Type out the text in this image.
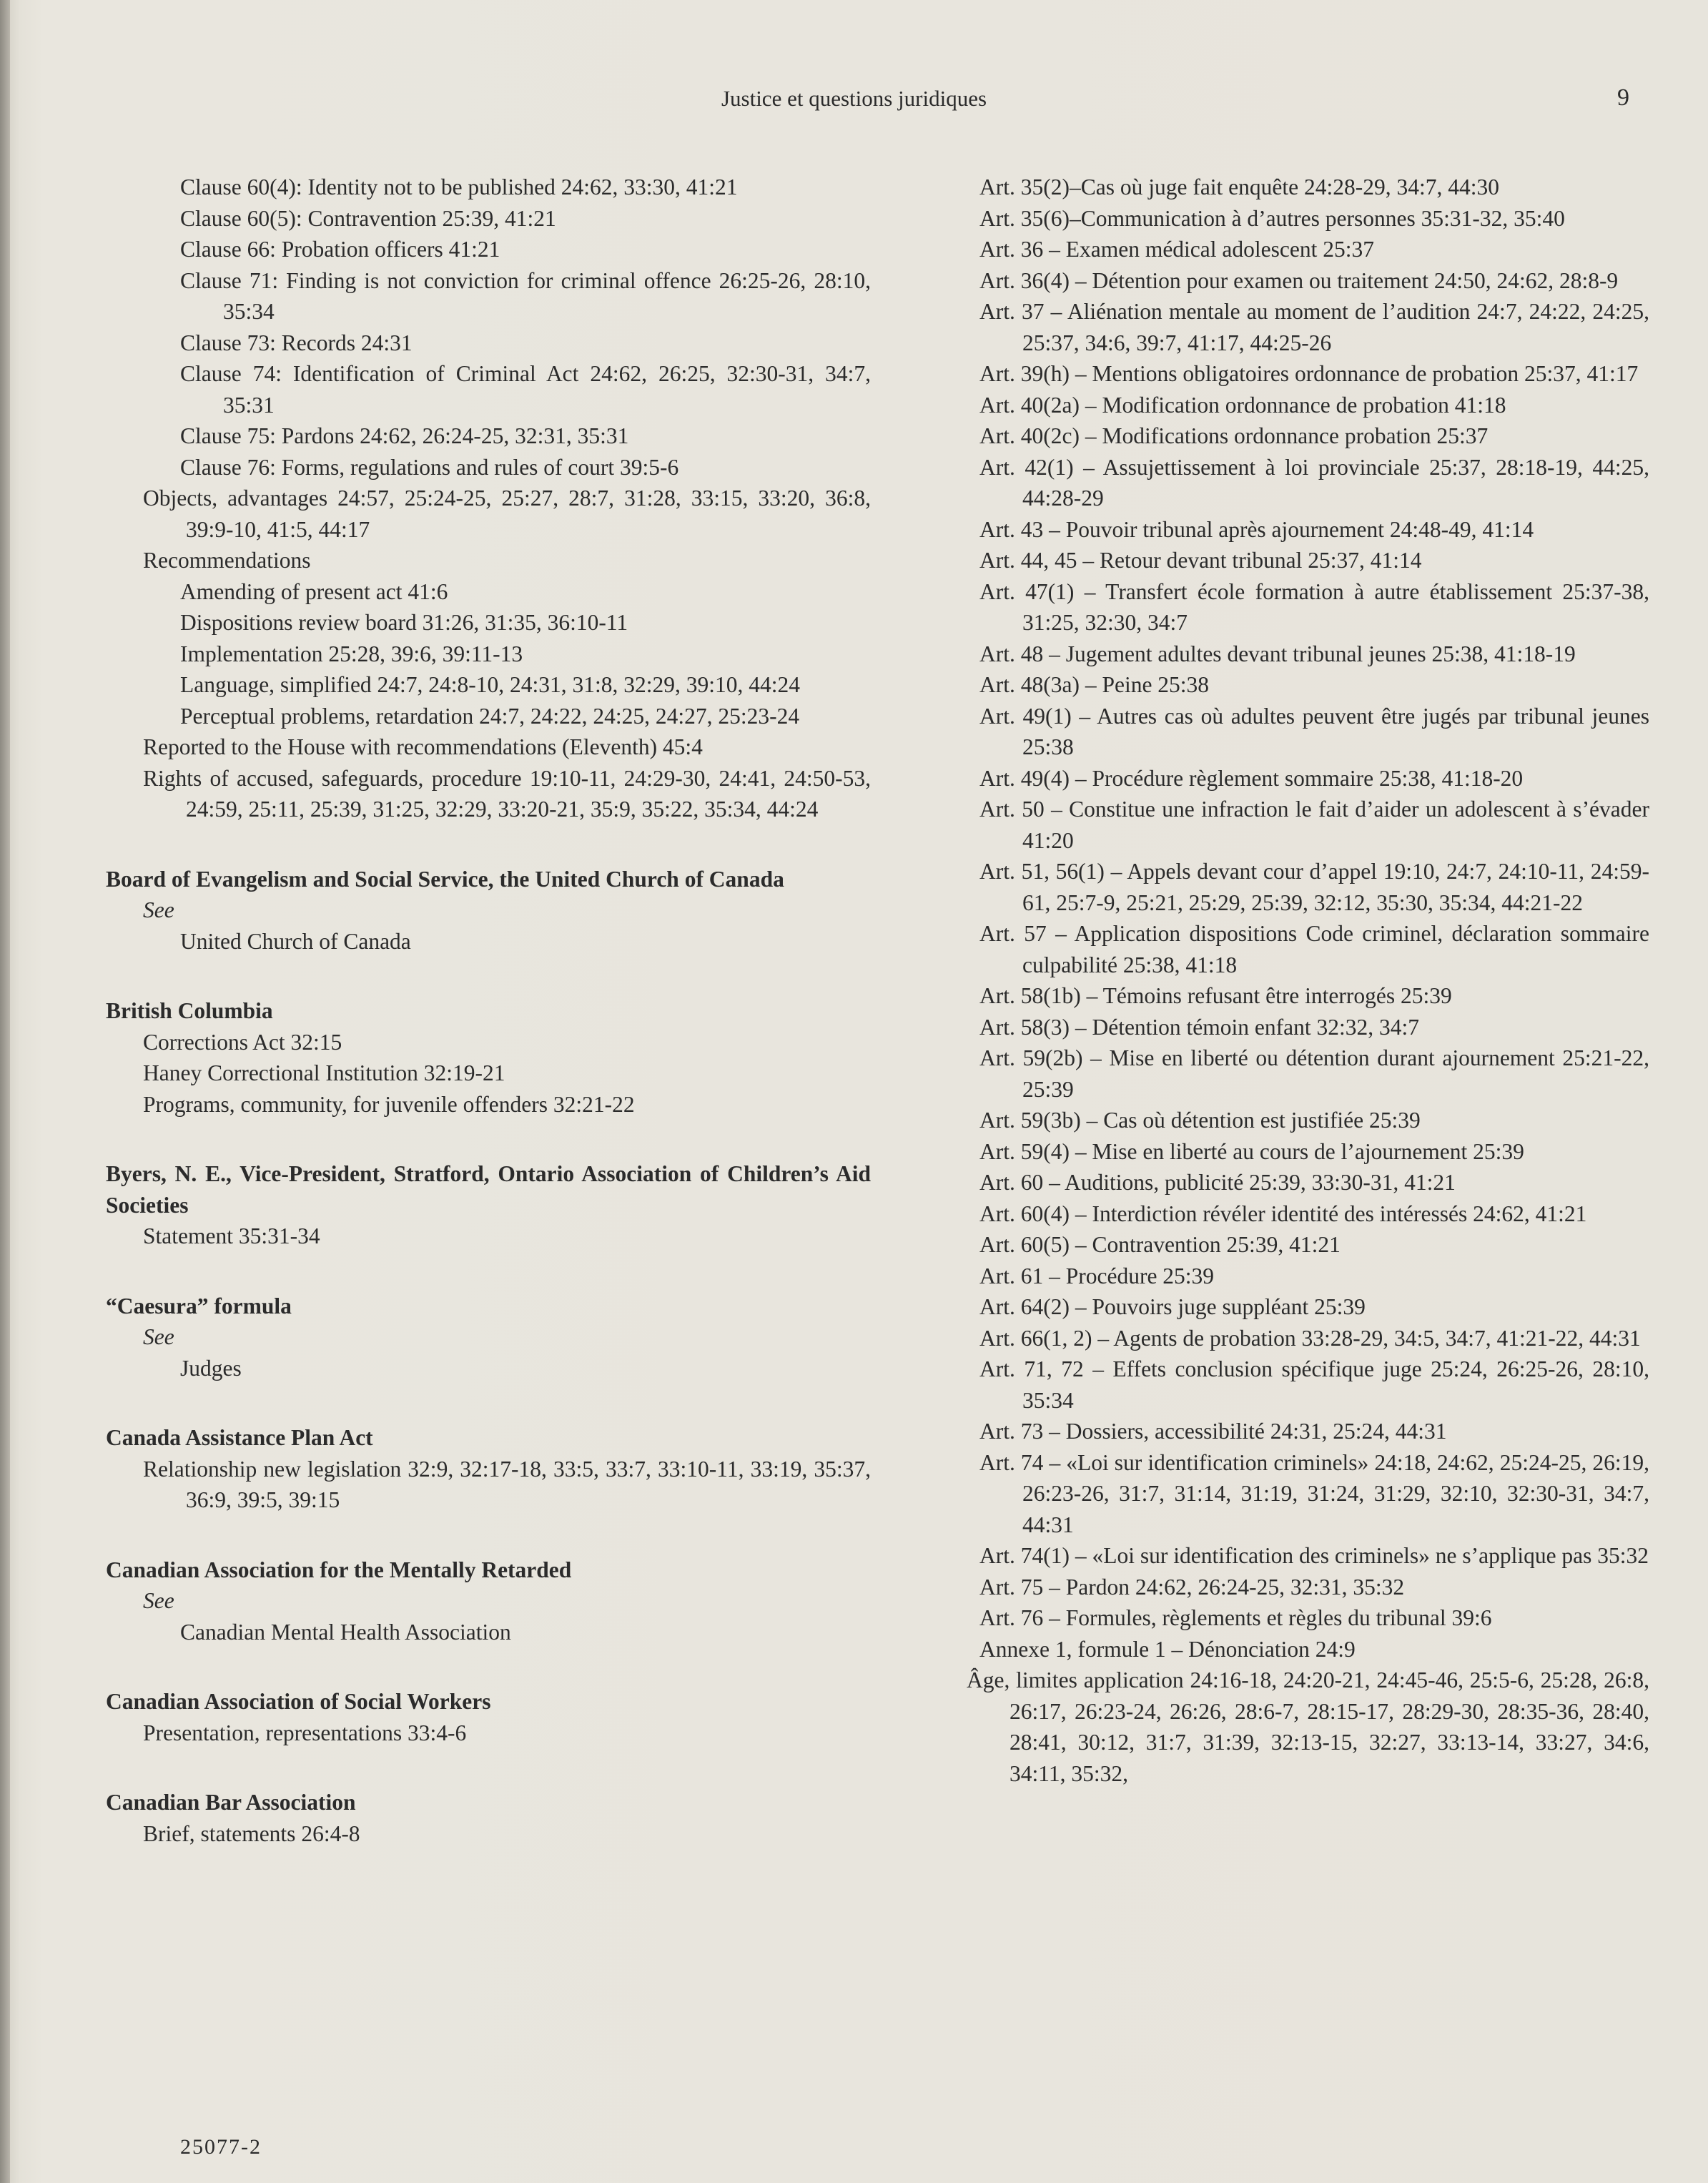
Justice et questions juridiques	9
Clause 60(4): Identity not to be published 24:62, 33:30, 41:21
Clause 60(5): Contravention 25:39, 41:21
Clause 66: Probation officers 41:21
Clause 71: Finding is not conviction for criminal offence 26:25-26, 28:10, 35:34
Clause 73: Records 24:31
Clause 74: Identification of Criminal Act 24:62, 26:25, 32:30-31, 34:7, 35:31
Clause 75: Pardons 24:62, 26:24-25, 32:31, 35:31
Clause 76: Forms, regulations and rules of court 39:5-6
Objects, advantages 24:57, 25:24-25, 25:27, 28:7, 31:28, 33:15, 33:20, 36:8, 39:9-10, 41:5, 44:17
Recommendations
Amending of present act 41:6
Dispositions review board 31:26, 31:35, 36:10-11
Implementation 25:28, 39:6, 39:11-13
Language, simplified 24:7, 24:8-10, 24:31, 31:8, 32:29, 39:10, 44:24
Perceptual problems, retardation 24:7, 24:22, 24:25, 24:27, 25:23-24
Reported to the House with recommendations (Eleventh) 45:4
Rights of accused, safeguards, procedure 19:10-11, 24:29-30, 24:41, 24:50-53, 24:59, 25:11, 25:39, 31:25, 32:29, 33:20-21, 35:9, 35:22, 35:34, 44:24
Board of Evangelism and Social Service, the United Church of Canada
See
United Church of Canada
British Columbia
Corrections Act 32:15
Haney Correctional Institution 32:19-21
Programs, community, for juvenile offenders 32:21-22
Byers, N. E., Vice-President, Stratford, Ontario Association of Children’s Aid Societies
Statement 35:31-34
“Caesura” formula
See
Judges
Canada Assistance Plan Act
Relationship new legislation 32:9, 32:17-18, 33:5, 33:7, 33:10-11, 33:19, 35:37, 36:9, 39:5, 39:15
Canadian Association for the Mentally Retarded
See
Canadian Mental Health Association
Canadian Association of Social Workers
Presentation, representations 33:4-6
Canadian Bar Association
Brief, statements 26:4-8
Art. 35(2)–Cas où juge fait enquête 24:28-29, 34:7, 44:30
Art. 35(6)–Communication à d’autres personnes 35:31-32, 35:40
Art. 36 – Examen médical adolescent 25:37
Art. 36(4) – Détention pour examen ou traitement 24:50, 24:62, 28:8-9
Art. 37 – Aliénation mentale au moment de l’audition 24:7, 24:22, 24:25, 25:37, 34:6, 39:7, 41:17, 44:25-26
Art. 39(h) – Mentions obligatoires ordonnance de probation 25:37, 41:17
Art. 40(2a) – Modification ordonnance de probation 41:18
Art. 40(2c) – Modifications ordonnance probation 25:37
Art. 42(1) – Assujettissement à loi provinciale 25:37, 28:18-19, 44:25, 44:28-29
Art. 43 – Pouvoir tribunal après ajournement 24:48-49, 41:14
Art. 44, 45 – Retour devant tribunal 25:37, 41:14
Art. 47(1) – Transfert école formation à autre établissement 25:37-38, 31:25, 32:30, 34:7
Art. 48 – Jugement adultes devant tribunal jeunes 25:38, 41:18-19
Art. 48(3a) – Peine 25:38
Art. 49(1) – Autres cas où adultes peuvent être jugés par tribunal jeunes 25:38
Art. 49(4) – Procédure règlement sommaire 25:38, 41:18-20
Art. 50 – Constitue une infraction le fait d’aider un adolescent à s’évader 41:20
Art. 51, 56(1) – Appels devant cour d’appel 19:10, 24:7, 24:10-11, 24:59-61, 25:7-9, 25:21, 25:29, 25:39, 32:12, 35:30, 35:34, 44:21-22
Art. 57 – Application dispositions Code criminel, déclaration sommaire culpabilité 25:38, 41:18
Art. 58(1b) – Témoins refusant être interrogés 25:39
Art. 58(3) – Détention témoin enfant 32:32, 34:7
Art. 59(2b) – Mise en liberté ou détention durant ajournement 25:21-22, 25:39
Art. 59(3b) – Cas où détention est justifiée 25:39
Art. 59(4) – Mise en liberté au cours de l’ajournement 25:39
Art. 60 – Auditions, publicité 25:39, 33:30-31, 41:21
Art. 60(4) – Interdiction révéler identité des intéressés 24:62, 41:21
Art. 60(5) – Contravention 25:39, 41:21
Art. 61 – Procédure 25:39
Art. 64(2) – Pouvoirs juge suppléant 25:39
Art. 66(1, 2) – Agents de probation 33:28-29, 34:5, 34:7, 41:21-22, 44:31
Art. 71, 72 – Effets conclusion spécifique juge 25:24, 26:25-26, 28:10, 35:34
Art. 73 – Dossiers, accessibilité 24:31, 25:24, 44:31
Art. 74 – «Loi sur identification criminels» 24:18, 24:62, 25:24-25, 26:19, 26:23-26, 31:7, 31:14, 31:19, 31:24, 31:29, 32:10, 32:30-31, 34:7, 44:31
Art. 74(1) – «Loi sur identification des criminels» ne s’applique pas 35:32
Art. 75 – Pardon 24:62, 26:24-25, 32:31, 35:32
Art. 76 – Formules, règlements et règles du tribunal 39:6
Annexe 1, formule 1 – Dénonciation 24:9
Âge, limites application 24:16-18, 24:20-21, 24:45-46, 25:5-6, 25:28, 26:8, 26:17, 26:23-24, 26:26, 28:6-7, 28:15-17, 28:29-30, 28:35-36, 28:40, 28:41, 30:12, 31:7, 31:39, 32:13-15, 32:27, 33:13-14, 33:27, 34:6, 34:11, 35:32,
25077-2
